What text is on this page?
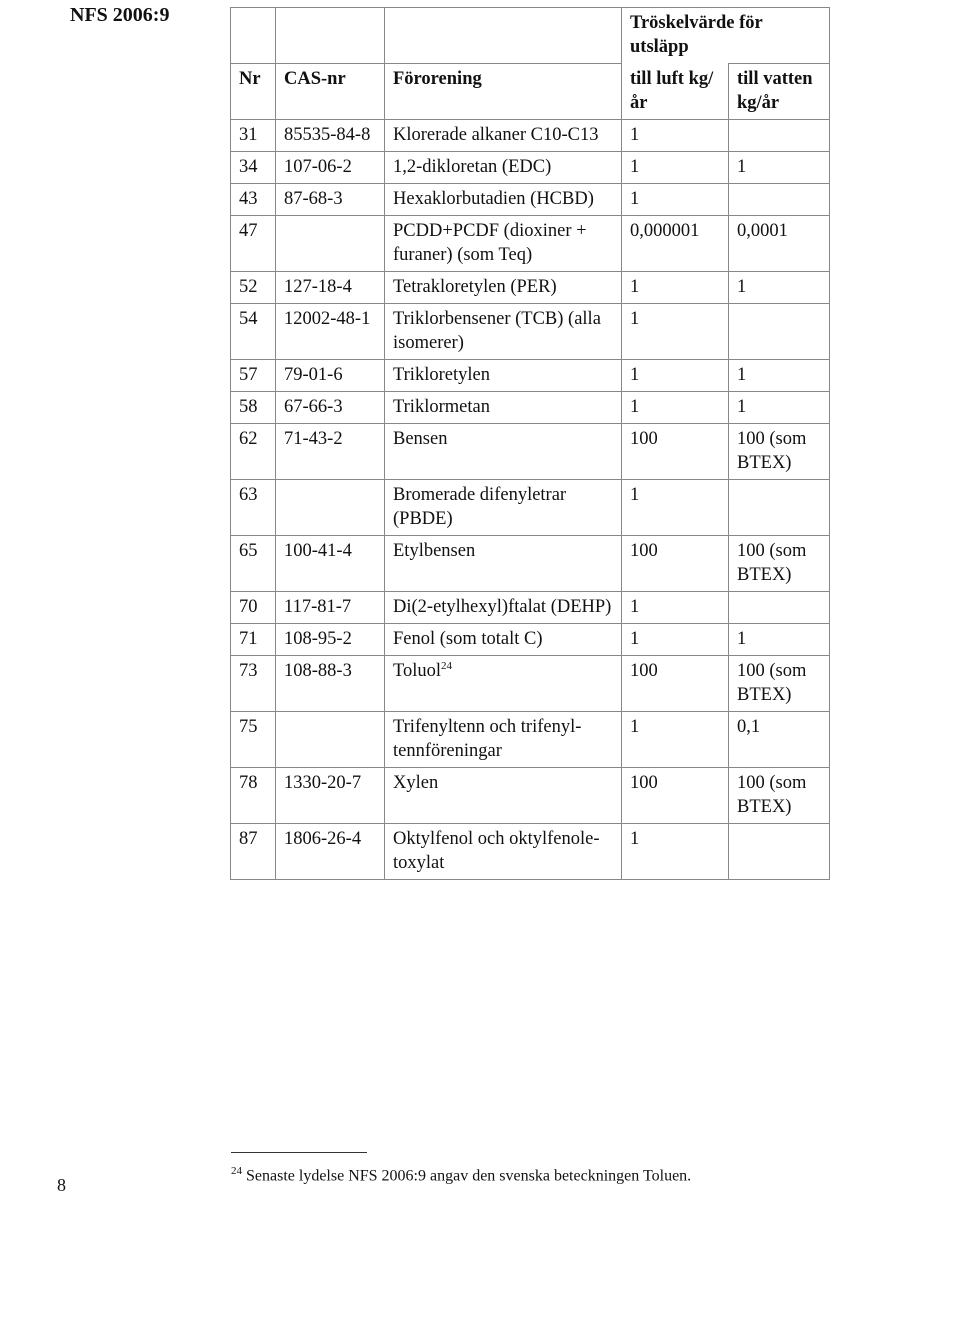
NFS 2006:9
				Tröskelvärde för utsläpp	
Nr	CAS-nr	Förorening	till luft kg/år	till vatten kg/år
31	85535-84-8	Klorerade alkaner C10-C13	1	
34	107-06-2	1,2-dikloretan (EDC)	1	1
43	87-68-3	Hexaklorbutadien (HCBD)	1	
47		PCDD+PCDF (dioxiner + furaner) (som Teq)	0,000001	0,0001
52	127-18-4	Tetrakloretylen (PER)	1	1
54	12002-48-1	Triklorbensener (TCB) (alla isomerer)	1	
57	79-01-6	Trikloretylen	1	1
58	67-66-3	Triklormetan	1	1
62	71-43-2	Bensen	100	100 (som BTEX)
63		Bromerade difenyletrar (PBDE)	1	
65	100-41-4	Etylbensen	100	100 (som BTEX)
70	117-81-7	Di(2-etylhexyl)ftalat (DEHP)	1	
71	108-95-2	Fenol (som totalt C)	1	1
73	108-88-3	Toluol$^{24}$	100	100 (som BTEX)
75		Trifenyltenn och trifenyl-tennföreningar	1	0,1
78	1330-20-7	Xylen	100	100 (som BTEX)
87	1806-26-4	Oktylfenol och oktylfenole-toxylat	1	
8
$^{24}$ Senaste lydelse NFS 2006:9 angav den svenska beteckningen Toluen.
